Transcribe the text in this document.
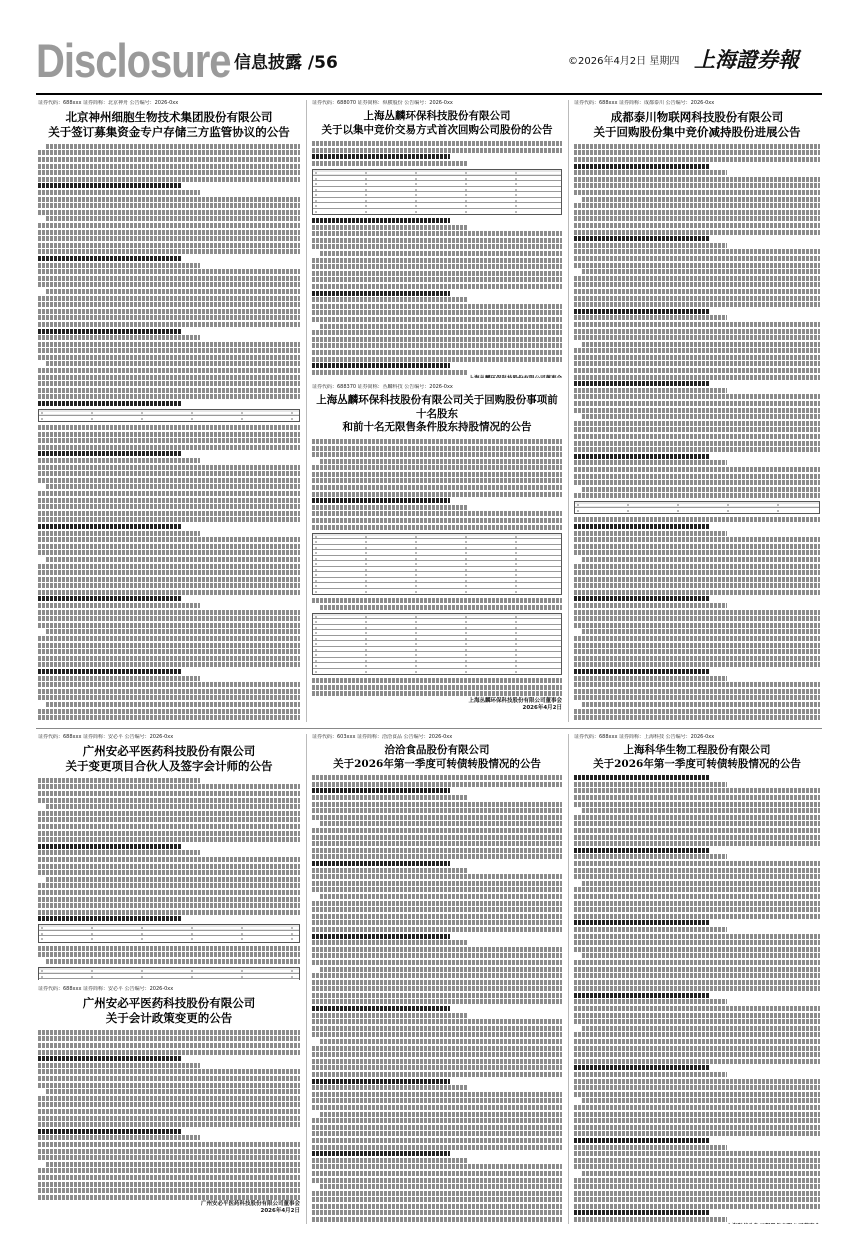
Disclosure 信息披露 /56	©2026年4月2日 星期四 上海證券報
证券代码：688xxx 证券简称：北京神舟 公告编号：2026-0xx
北京神州细胞生物技术集团股份有限公司
关于签订募集资金专户存储三方监管协议的公告
证券代码：688070 证券简称：纵横股份 公告编号：2026-0xx
上海丛麟环保科技股份有限公司
关于以集中竞价交易方式首次回购公司股份的公告
证券代码：688370 证券简称：丛麟科技 公告编号：2026-0xx
上海丛麟环保科技股份有限公司关于回购股份事项前十名股东
和前十名无限售条件股东持股情况的公告
上海丛麟环保科技股份有限公司董事会
2026年4月2日
证券代码：688xxx 证券简称：成都泰川 公告编号：2026-0xx
成都泰川物联网科技股份有限公司
关于回购股份集中竞价减持股份进展公告
证券代码：688xxx 证券简称：安必平 公告编号：2026-0xx
广州安必平医药科技股份有限公司
关于变更项目合伙人及签字会计师的公告
证券代码：688xxx 证券简称：安必平 公告编号：2026-0xx
广州安必平医药科技股份有限公司
关于会计政策变更的公告
广州安必平医药科技股份有限公司董事会
2026年4月2日
证券代码：603xxx 证券简称：洽洽食品 公告编号：2026-0xx
洽洽食品股份有限公司
关于2026年第一季度可转债转股情况的公告
证券代码：688xxx 证券简称：上海科技 公告编号：2026-0xx
上海科华生物工程股份有限公司
关于2026年第一季度可转债转股情况的公告
